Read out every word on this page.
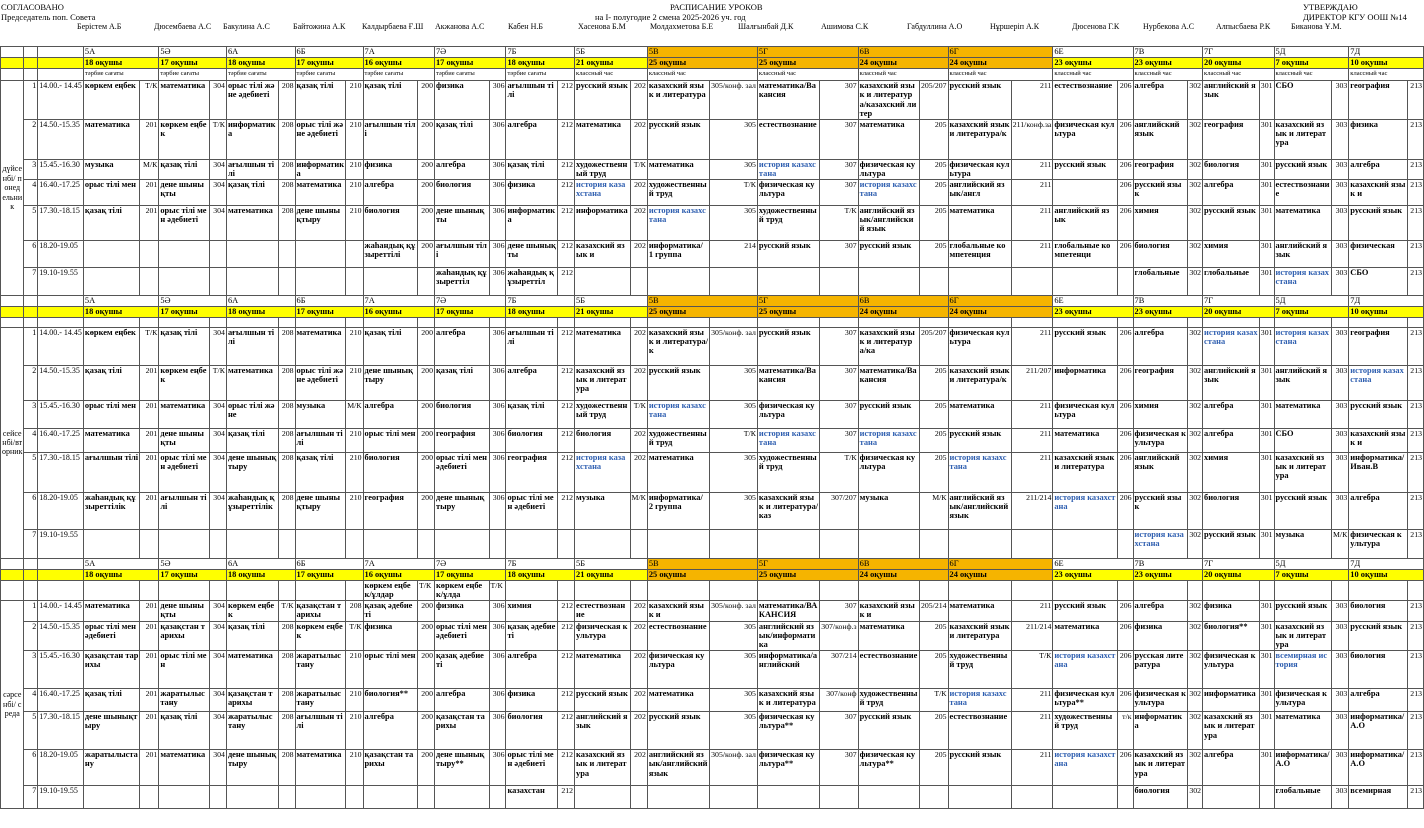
СОГЛАСОВАНО
Председатель поп. Совета
РАСПИСАНИЕ УРОКОВ
на I- полугодие 2 смена 2025-2026 уч. год
УТВЕРЖДАЮ
ДИРЕКТОР КГУ ООШ №14
Берістем А.Б	Дюсембаева А.С	Бакулина А.С	Байтожина А.К	Калдырбаева Ғ.Ш	Акжанова А.С	Кабен Н.Б	Хасенова Б.М	Молдахметова Б.Е	Шалғынбай Д.К	Ашимова С.К	Габдуллина А.О	Нұршеріп А.К	Дюсенова Г.К	Нурбекова А.С	Алпысбаева Р.К	Биканова Ұ.М.
			5А		5Ә		6А		6Б		7А		7Ә		7Б		5Б		5В		5Г		6В		6Г		6Е		7В		7Г		5Д		7Д	
			18 оқушы		17 оқушы		18 оқушы		17 оқушы		16 оқушы		17 оқушы		18 оқушы		21 оқушы		25 оқушы		25 оқушы		24 оқушы		24 оқушы		23 оқушы		23 оқушы		20 оқушы		7 оқушы		10 оқушы	
			тәрбие сағаты		тәрбие сағаты		тәрбие сағаты		тәрбие сағаты		тәрбие сағаты		тәрбие сағаты		тәрбие сағаты		классный час		классный час		классный час		классный час		классный час		классный час		классный час		классный час		классный час		классный час	
дүйсе нбі/ понед ельни к	1	14.00.- 14.45	көркем еңбек	Т/К	математика	304	орыс тілі және әдебиеті	208	қазақ тілі	210	қазақ тілі	200	физика	306	ағылшын тілі	212	русский язык	202	казахский язык и литература	305/конф. зал	математика/Вакансия	307	казахский язык и литература/казахский литер	205/207	русский язык	211	естествознание	206	алгебра	302	английский язык	301	СБО	303	география	213
	2	14.50.-15.35	математика	201	көркем еңбек	Т/К	информатика	208	орыс тілі және әдебиеті	210	ағылшын тілі	200	қазақ тілі	306	алгебра	212	математика	202	русский язык	305	естествознание	307	математика	205	казахский язык и литература/к	211/конф.за	физическая культура	206	английский язык	302	география	301	казахский язык и литература	303	физика	213
	3	15.45.-16.30	музыка	М/К	қазақ тілі	304	ағылшын тілі	208	информатика	210	физика	200	алгебра	306	қазақ тілі	212	художественный труд	Т/К	математика	305	история казахстана	307	физическая культура	205	физическая культура	211	русский язык	206	география	302	биология	301	русский язык	303	алгебра	213
	4	16.40.-17.25	орыс тілі мен	201	дене шынықты	304	қазақ тілі	208	математика	210	алгебра	200	биология	306	физика	212	история казахстана	202	художественный труд	Т/К	физическая культура	307	история казахстана	205	английский язык/англ	211		206	русский язык	302	алгебра	301	естествознание	303	казахский язык и	213
	5	17.30.-18.15	қазақ тілі	201	орыс тілі мен әдебиеті	304	математика	208	дене шынықтыру	210	биология	200	дене шынықты	306	информатика	212	информатика	202	история казахстана	305	художественный труд	Т/К	английский язык/английский язык	205	математика	211	английский язык	206	химия	302	русский язык	301	математика	303	русский язык	213
	6	18.20-19.05									жаһандық құзыреттілі	200	ағылшын тілі	306	дене шынықты	212	казахский язык и	202	информатика/ 1 группа	214	русский язык	307	русский язык	205	глобальные компетенция	211	глобальные компетенци	206	биология	302	химия	301	английский язык	303	физическая	213
	7	19.10-19.55											жаһандық құзыреттіл	306	жаһандық құзыреттіл	212													глобальные	302	глобальные	301	история казахстана	303	СБО	213
			5А		5Ә		6А		6Б		7А		7Ә		7Б		5Б		5В		5Г		6В		6Г		6Е		7В		7Г		5Д		7Д	
			18 оқушы		17 оқушы		18 оқушы		17 оқушы		16 оқушы		17 оқушы		18 оқушы		21 оқушы		25 оқушы		25 оқушы		24 оқушы		24 оқушы		23 оқушы		23 оқушы		20 оқушы		7 оқушы		10 оқушы	

сейсе нбі/вт орник	1	14.00.- 14.45	көркем еңбек	Т/К	қазақ тілі	304	ағылшын тілі	208	математика	210	қазақ тілі	200	алгебра	306	ағылшын тілі	212	математика	202	казахский язык и литература/к	305/конф. зал	русский язык	307	казахский язык и литература/ка	205/207	физическая культура	211	русский язык	206	алгебра	302	история казахстана	301	история казахстана	303	география	213
	2	14.50.-15.35	қазақ тілі	201	көркем еңбек	Т/К	математика	208	орыс тілі және әдебиеті	210	дене шынықтыру	200	қазақ тілі	306	алгебра	212	казахский язык и литература	202	русский язык	305	математика/Вакансия	307	математика/Вакансия	205	казахский язык и литература/к	211/207	информатика	206	география	302	английский язык	301	английский язык	303	история казахстана	213
	3	15.45.-16.30	орыс тілі мен	201	математика	304	орыс тілі және	208	музыка	М/К	алгебра	200	биология	306	қазақ тілі	212	художественный труд	Т/К	история казахстана	305	физическая культура	307	русский язык	205	математика	211	физическая культура	206	химия	302	алгебра	301	математика	303	русский язык	213
	4	16.40.-17.25	математика	201	дене шынықты	304	қазақ тілі	208	ағылшын тілі	210	орыс тілі мен	200	география	306	биология	212	биология	202	художественный труд	Т/К	история казахстана	307	история казахстана	205	русский язык	211	математика	206	физическая культура	302	алгебра	301	СБО	303	казахский язык и	213
	5	17.30.-18.15	ағылшын тілі	201	орыс тілі мен әдебиеті	304	дене шынықтыру	208	қазақ тілі	210	биология	200	орыс тілі мен әдебиеті	306	география	212	история казахстана	202	математика	305	художественный труд	Т/К	физическая культура	205	история казахстана	211	казахский язык и литература	206	английский язык	302	химия	301	казахский язык и литература	303	информатика/Иван.В	213
	6	18.20-19.05	жаһандық құзыреттілік	201	ағылшын тілі	304	жаһандық құзыреттілік	208	дене шынықтыру	210	география	200	дене шынықтыру	306	орыс тілі мен әдебиеті	212	музыка	М/К	информатика/ 2 группа	305	казахский язык и литература/каз	307/207	музыка	М/К	английский язык/английский язык	211/214	история казахстана	206	русский язык	302	биология	301	русский язык	303	алгебра	213
	7	19.10-19.55																											история казахстана	302	русский язык	301	музыка	М/К	физическая культура	213
			5А		5Ә		6А		6Б		7А		7Ә		7Б		5Б		5В		5Г		6В		6Г		6Е		7В		7Г		5Д		7Д	
			18 оқушы		17 оқушы		18 оқушы		17 оқушы		16 оқушы		17 оқушы		18 оқушы		21 оқушы		25 оқушы		25 оқушы		24 оқушы		24 оқушы		23 оқушы		23 оқушы		20 оқушы		7 оқушы		10 оқушы	
											көркем еңбек/ұлдар	Т/К	көркем еңбек/ұлда	Т/К																						
сәрсе нбі/ среда	1	14.00.- 14.45	математика	201	дене шынықты	304	көркем еңбек	Т/К	қазақстан тарихы	208	қазақ әдебиеті	200	физика	306	химия	212	естествознание	202	казахский язык и	305/конф. зал	математика/ВАКАНСИЯ	307	казахский язык и	205/214	математика	211	русский язык	206	алгебра	302	физика	301	русский язык	303	биология	213
	2	14.50.-15.35	орыс тілі мен әдебиеті	201	қазақстан тарихы	304	қазақ тілі	208	көркем еңбек	Т/К	физика	200	орыс тілі мен әдебиеті	306	қазақ әдебиеті	212	физическая культура	202	естествознание	305	английский язык/информатика	307/конф.з	математика	205	казахский язык и литература	211/214	математика	206	физика	302	биология**	301	казахский язык и литература	303	русский язык	213
	3	15.45.-16.30	қазақстан тарихы	201	орыс тілі мен	304	математика	208	жаратылыстану	210	орыс тілі мен	200	қазақ әдебиеті	306	алгебра	212	математика	202	физическая культура	305	информатика/английский	307/214	естествознание	205	художественный труд	Т/К	история казахстана	206	русская литература	302	физическая культура	301	всемирная история	303	биология	213
	4	16.40.-17.25	қазақ тілі	201	жаратылыстану	304	қазақстан тарихы	208	жаратылыстану	210	биология**	200	алгебра	306	физика	212	русский язык	202	математика	305	казахский язык и литература	307/конф	художественный труд	Т/К	история казахстана	211	физическая культура**	206	физическая культура	302	информатика	301	физическая культура	303	алгебра	213
	5	17.30.-18.15	дене шынықтыру	201	қазақ тілі	304	жаратылыстану	208	ағылшын тілі	210	алгебра	200	қазақстан тарихы	306	биология	212	английский язык	202	русский язык	305	физическая культура**	307	русский язык	205	естествознание	211	художественный труд	т/к	информатика	302	казахский язык и литература	301	математика	303	информатика/А.О	213
	6	18.20-19.05	жаратылыстану	201	математика	304	дене шынықтыру	208	математика	210	қазақстан тарихы	200	дене шынықтыру**	306	орыс тілі мен әдебиеті	212	казахский язык и литература	202	английский язык/английский язык	305/конф. зал	физическая культура**	307	физическая культура**	205	русский язык	211	история казахстана	206	казахский язык и литература	302	алгебра	301	информатика/А.О	303	информатика/А.О	213
	7	19.10-19.55													казахстан	212													биология	302			глобальные	303	всемирная	213
